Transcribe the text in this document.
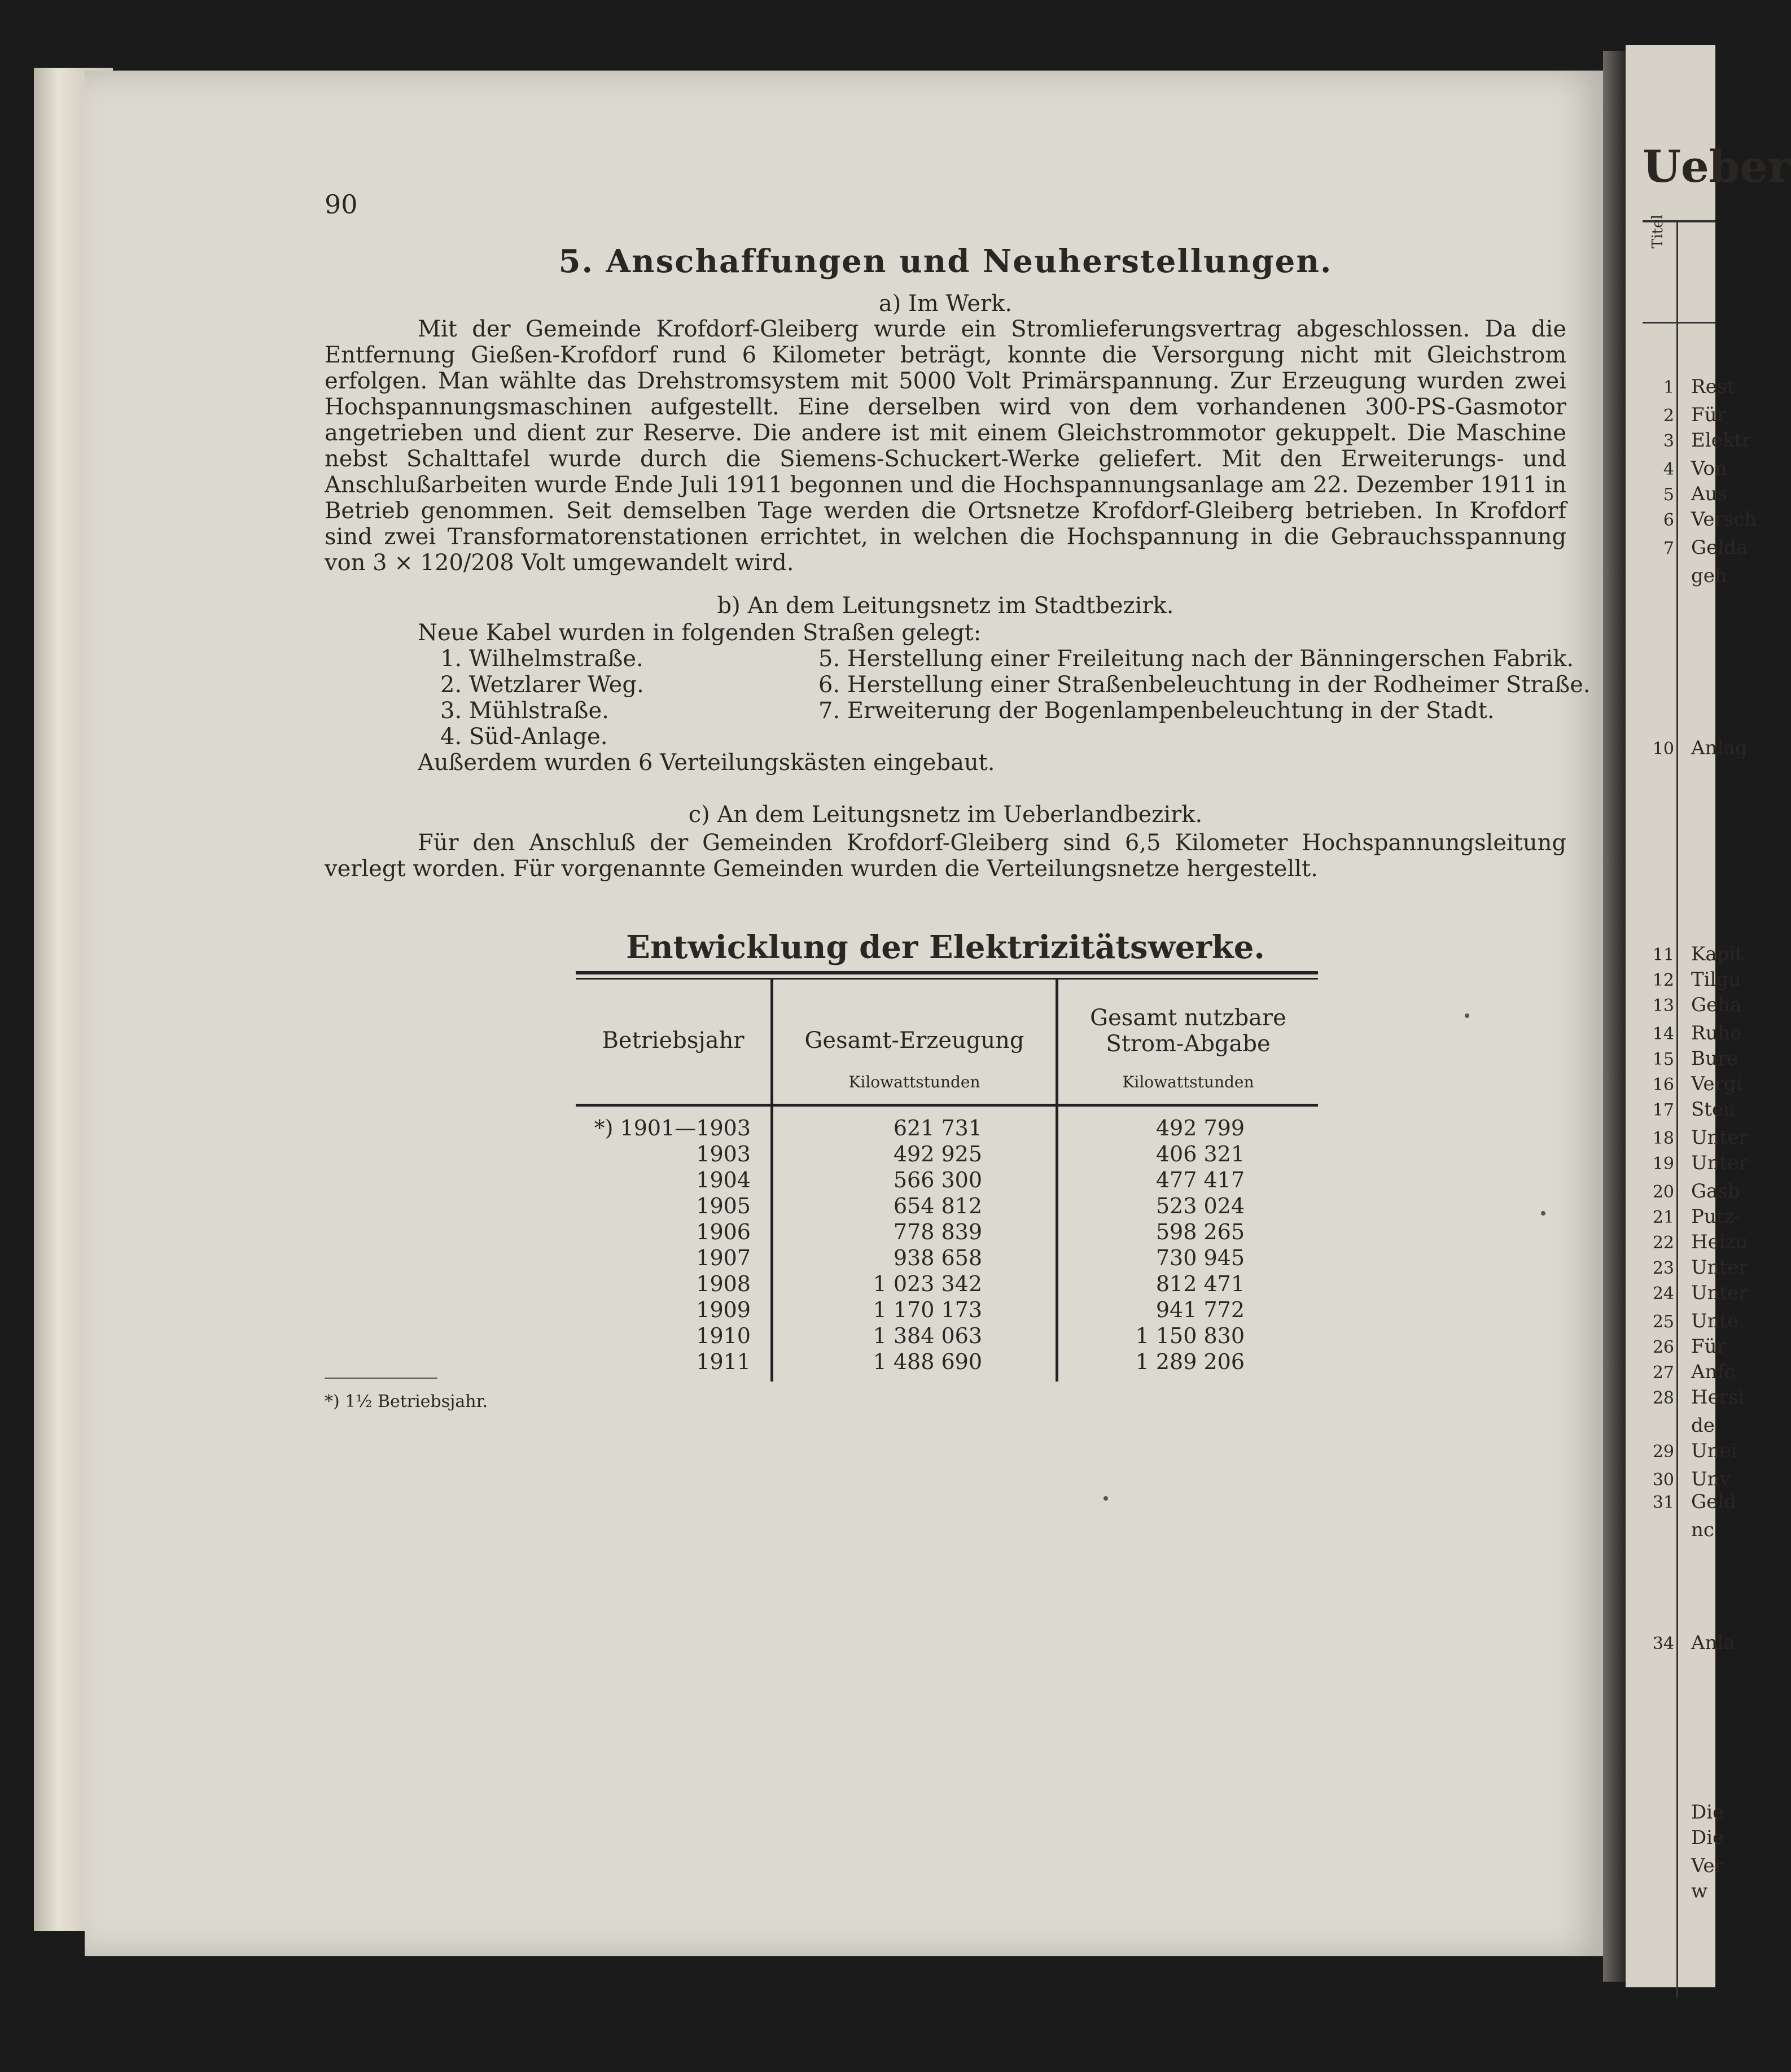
Ueber
1 Rest
2 Für
3 Elektr
4 Von
5 Aus
6 Versch
7 Gelda
geh
10 Anlag
11 Kapit
12 Tilgu
13 Geha
14 Ruhe
15 Bure
16 Vergi
17 Steu
18 Unter
19 Unter
20 Gasb
21 Putz-
22 Heizu
23 Unter
24 Unter
25 Unte
26 Für
27 Anfc
28 Hersi
de
29 Unei
30 Unv
31 Geld
nc
34 Anla
Die
Die
Ver
w
Titel
90
5. Anschaffungen und Neuherstellungen.
a) Im Werk.
Mit der Gemeinde Krofdorf-Gleiberg wurde ein Stromlieferungsvertrag abgeschlossen. Da die Entfernung Gießen-Krofdorf rund 6 Kilometer beträgt, konnte die Versorgung nicht mit Gleichstrom erfolgen. Man wählte das Drehstromsystem mit 5000 Volt Primärspannung. Zur Erzeugung wurden zwei Hochspannungsmaschinen aufgestellt. Eine derselben wird von dem vorhandenen 300-PS-Gasmotor angetrieben und dient zur Reserve. Die andere ist mit einem Gleichstrommotor gekuppelt. Die Maschine nebst Schalttafel wurde durch die Siemens-Schuckert-Werke geliefert. Mit den Erweiterungs- und Anschlußarbeiten wurde Ende Juli 1911 begonnen und die Hochspannungsanlage am 22. Dezember 1911 in Betrieb genommen. Seit demselben Tage werden die Ortsnetze Krofdorf-Gleiberg betrieben. In Krofdorf sind zwei Transformatorenstationen errichtet, in welchen die Hochspannung in die Gebrauchsspannung von 3 × 120/208 Volt umgewandelt wird.
b) An dem Leitungsnetz im Stadtbezirk.
Neue Kabel wurden in folgenden Straßen gelegt:
1. Wilhelmstraße.
2. Wetzlarer Weg.
3. Mühlstraße.
4. Süd-Anlage.
5. Herstellung einer Freileitung nach der Bänningerschen Fabrik.
6. Herstellung einer Straßenbeleuchtung in der Rodheimer Straße.
7. Erweiterung der Bogenlampenbeleuchtung in der Stadt.
Außerdem wurden 6 Verteilungskästen eingebaut.
c) An dem Leitungsnetz im Ueberlandbezirk.
Für den Anschluß der Gemeinden Krofdorf-Gleiberg sind 6,5 Kilometer Hochspannungsleitung verlegt worden. Für vorgenannte Gemeinden wurden die Verteilungsnetze hergestellt.
Entwicklung der Elektrizitätswerke.
Betriebsjahr	Gesamt-Erzeugung
Kilowattstunden
Gesamt nutzbare
Strom-Abgabe
Kilowattstunden
*) 1901—1903	621 731	492 799
1903	492 925	406 321
1904	566 300	477 417
1905	654 812	523 024
1906	778 839	598 265
1907	938 658	730 945
1908	1 023 342	812 471
1909	1 170 173	941 772
1910	1 384 063	1 150 830
1911	1 488 690	1 289 206
*) 1½ Betriebsjahr.
